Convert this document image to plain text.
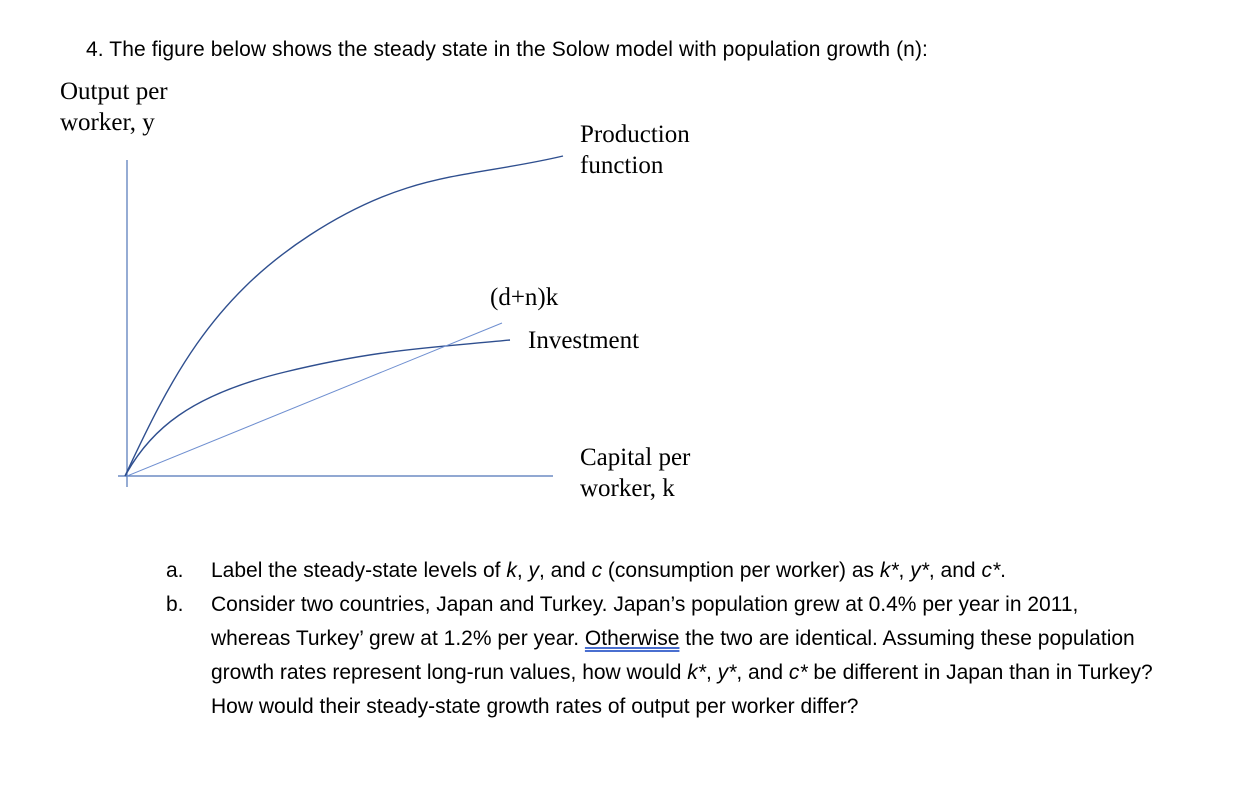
4. The figure below shows the steady state in the Solow model with population growth (n):
Output per
worker, y	Production
function
(d+n)k
Investment
Capital per
worker, k
a. Label the steady-state levels of k, y, and c (consumption per worker) as k*, y*, and c*.
b. Consider two countries, Japan and Turkey. Japan’s population grew at 0.4% per year in 2011, whereas Turkey’ grew at 1.2% per year. Otherwise the two are identical. Assuming these population growth rates represent long-run values, how would k*, y*, and c* be different in Japan than in Turkey? How would their steady-state growth rates of output per worker differ?
